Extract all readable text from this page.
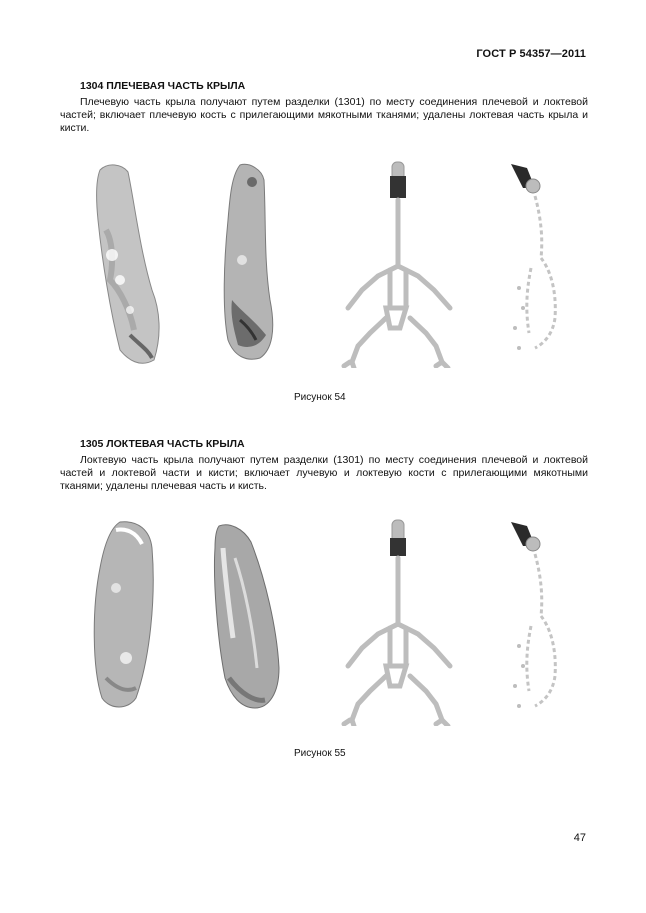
ГОСТ Р 54357—2011

1304 ПЛЕЧЕВАЯ ЧАСТЬ КРЫЛА

Плечевую часть крыла получают путем разделки (1301) по месту соединения плечевой и локтевой частей; включает плечевую кость с прилегающими мякотными тканями; удалены локтевая часть крыла и кисти.

Рисунок 54

1305 ЛОКТЕВАЯ ЧАСТЬ КРЫЛА

Локтевую часть крыла получают путем разделки (1301) по месту соединения плечевой и локтевой частей и локтевой части и кисти; включает лучевую и локтевую кости с прилегающими мякотными тканями; удалены плечевая часть и кисть.

Рисунок 55
47
